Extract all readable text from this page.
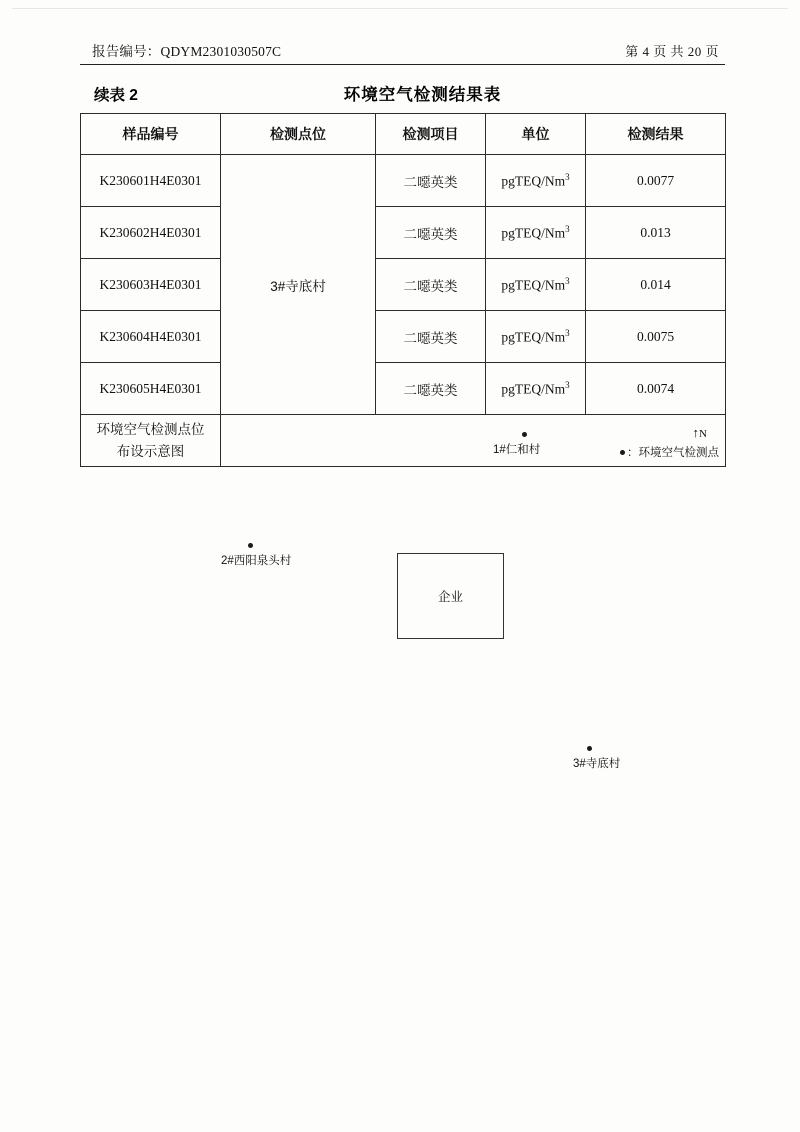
报告编号：QDYM2301030507C	第 4 页 共 20 页
续表 2	环境空气检测结果表
样品编号	检测点位	检测项目	单位	检测结果
K230601H4E0301	3#寺底村	二噁英类	pgTEQ/Nm$^3$	0.0077
K230602H4E0301		二噁英类	pgTEQ/Nm$^3$	0.013
K230603H4E0301		二噁英类	pgTEQ/Nm$^3$	0.014
K230604H4E0301		二噁英类	pgTEQ/Nm$^3$	0.0075
K230605H4E0301		二噁英类	pgTEQ/Nm$^3$	0.0074

环境空气检测点位
布设示意图

↑N
1#仁和村
2#西阳泉头村
企业
3#寺底村
：环境空气检测点
